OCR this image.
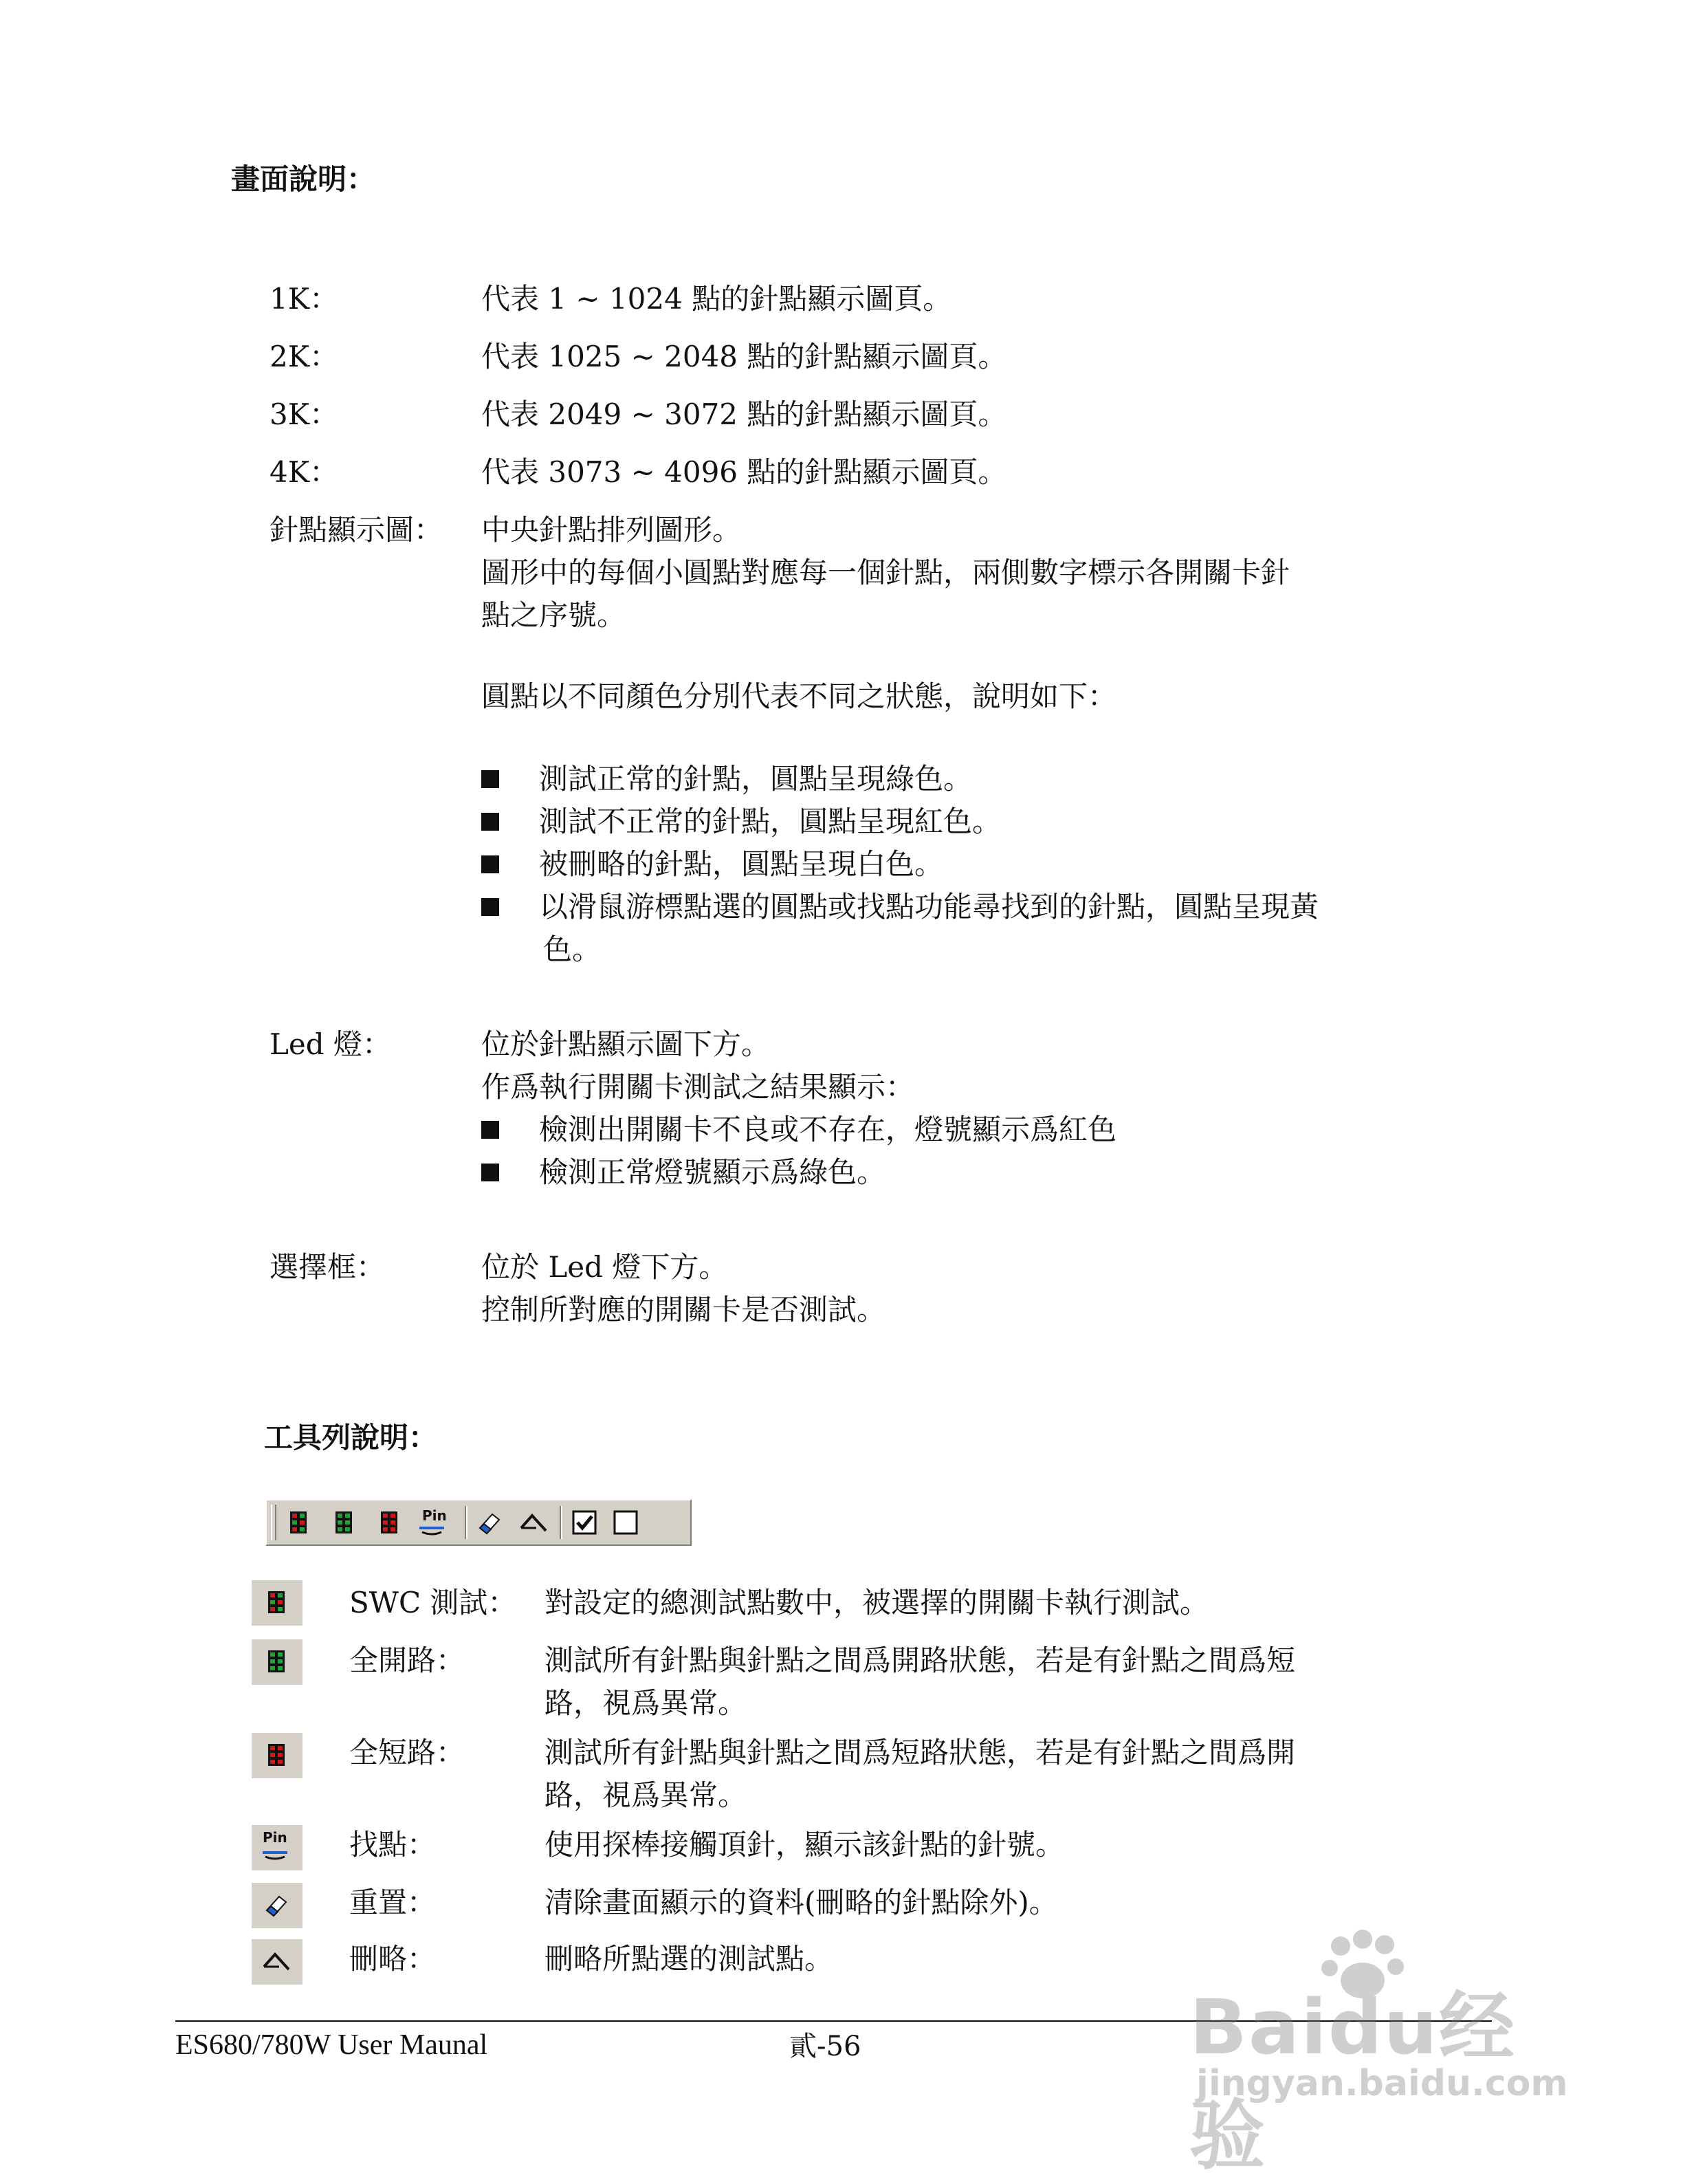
畫面說明：
1K：	代表 1 ~ 1024 點的針點顯示圖頁。
2K：	代表 1025 ~ 2048 點的針點顯示圖頁。
3K：	代表 2049 ~ 3072 點的針點顯示圖頁。
4K：	代表 3073 ~ 4096 點的針點顯示圖頁。
針點顯示圖： 中央針點排列圖形。
圖形中的每個小圓點對應每一個針點，兩側數字標示各開關卡針
點之序號。
圓點以不同顏色分別代表不同之狀態，說明如下：
測試正常的針點，圓點呈現綠色。
測試不正常的針點，圓點呈現紅色。
被刪略的針點，圓點呈現白色。
以滑鼠游標點選的圓點或找點功能尋找到的針點，圓點呈現黃
色。
Led 燈：	位於針點顯示圖下方。
作爲執行開關卡測試之結果顯示：
檢測出開關卡不良或不存在，燈號顯示爲紅色
檢測正常燈號顯示爲綠色。
選擇框：	位於 Led 燈下方。
控制所對應的開關卡是否測試。
工具列說明：
Pin
SWC 測試： 對設定的總測試點數中，被選擇的開關卡執行測試。
全開路：	測試所有針點與針點之間爲開路狀態，若是有針點之間爲短
路，視爲異常。
全短路：	測試所有針點與針點之間爲短路狀態，若是有針點之間爲開
路，視爲異常。
Pin 找點：	使用探棒接觸頂針，顯示該針點的針號。
重置：	清除畫面顯示的資料(刪略的針點除外)。
刪略：	刪略所點選的測試點。
ES680/780W User Maunal	貳-56	Baidu经验
jingyan.baidu.com
